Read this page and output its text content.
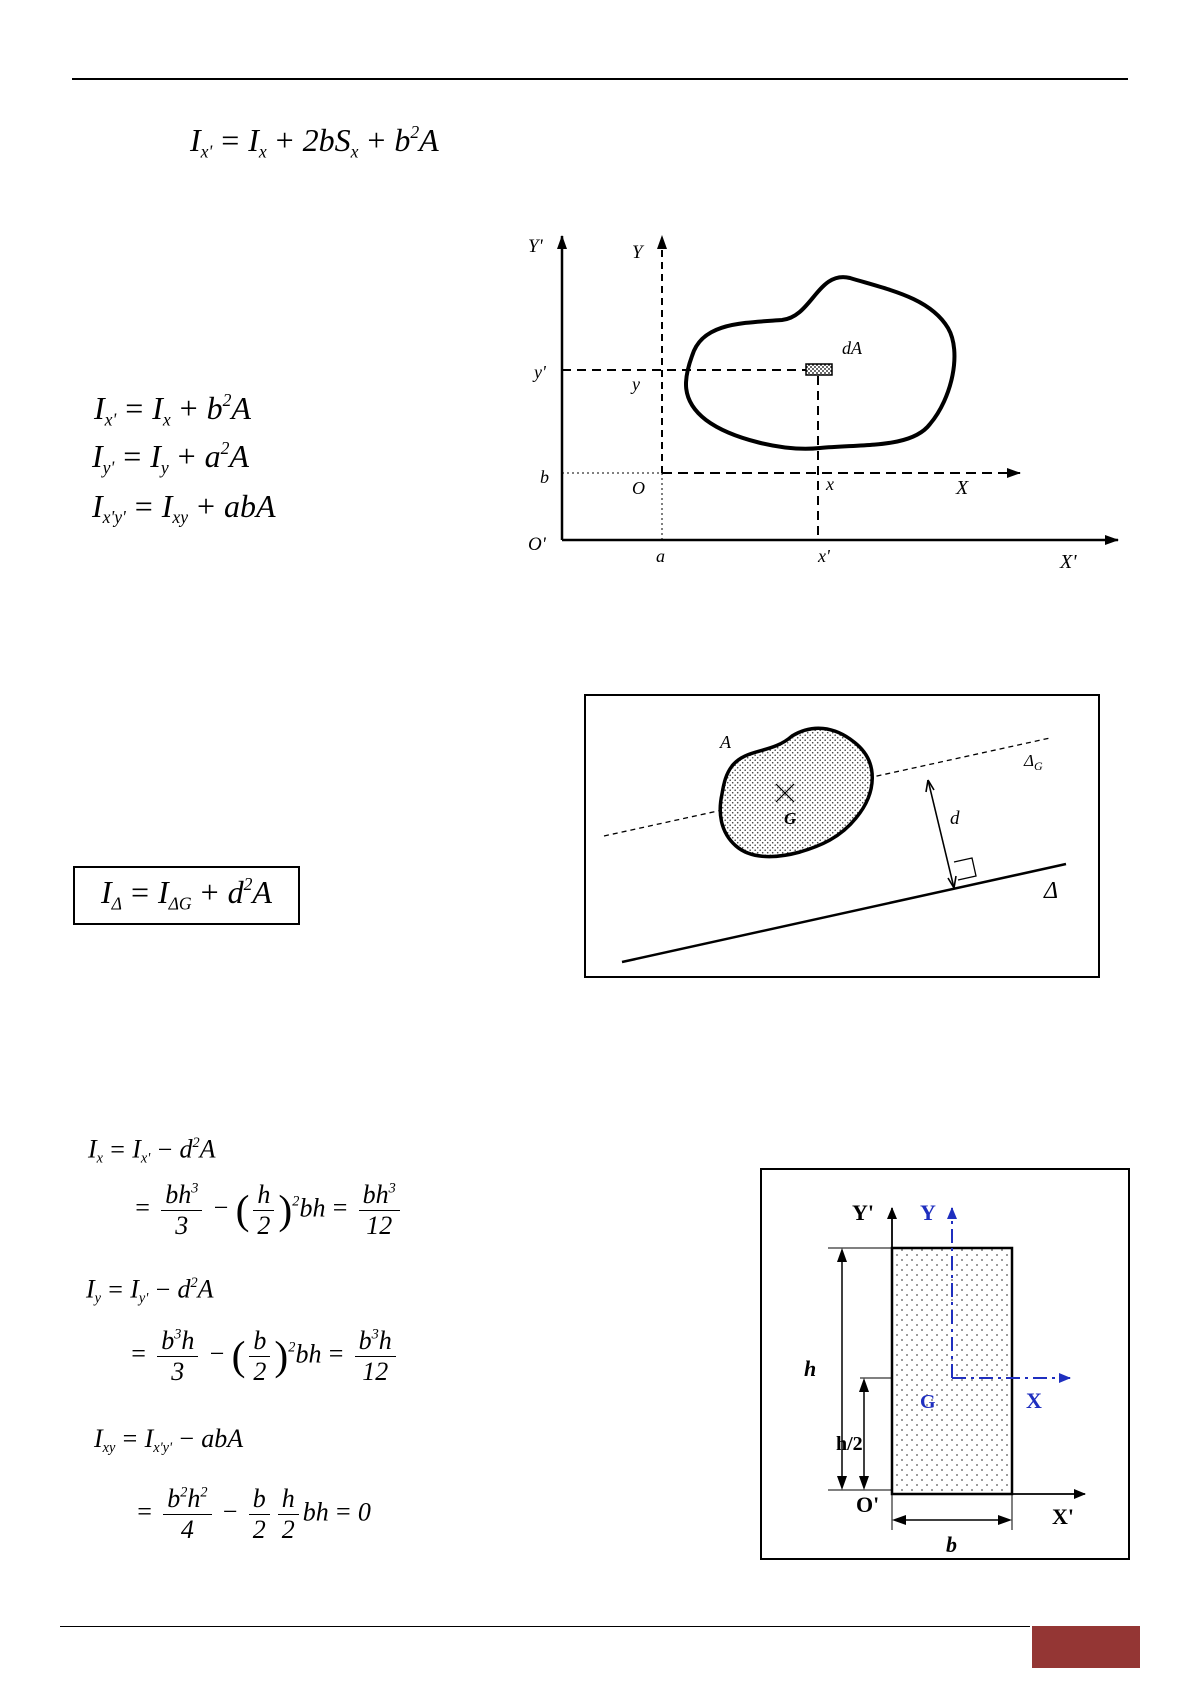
$I_{x'} = I_x + 2bS_x + b^2A$
$I_{x'} = I_x + b^2A$
$I_{y'} = I_y + a^2A$
$I_{x'y'} = I_{xy}$ + abA
Y'	Y
dA
y'
y
b
O	x	X
O'
a	x'	X'
$I_\Delta = I_{\Delta G} + d^2A$
A
$\Delta_G$
G	d
Δ
$I_x = I_{x'} - d^2A$
= $\frac{bh^3}{3}$ − ( $\frac{h}{2} )^2bh = \frac{bh^3}{12}$
$I_y = I_{y'} - d^2A$
= $\frac{b^3h}{3}$ − ( $\frac{b}{2} )^2bh = \frac{b^3h}{12}$
$I_{xy} = I_{x'y'}$ − abA
= $\frac{b^2h^2}{4} - \frac{b}{2} \frac{h}{2}$ bh = 0
Y' Y
h
G	X
h/2
O'
b
X'
